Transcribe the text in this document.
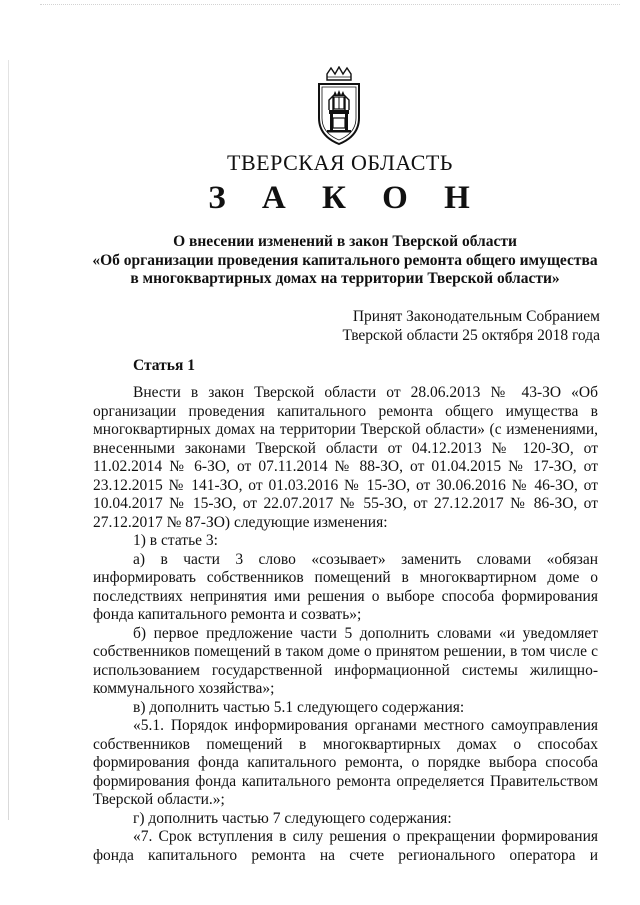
ТВЕРСКАЯ ОБЛАСТЬ
З А К О Н
О внесении изменений в закон Тверской области
«Об организации проведения капитального ремонта общего имущества
в многоквартирных домах на территории Тверской области»
Принят Законодательным Собранием
Тверской области 25 октября 2018 года
Статья 1

Внести в закон Тверской области от 28.06.2013 № 43-ЗО «Об организации проведения капитального ремонта общего имущества в многоквартирных домах на территории Тверской области» (с изменениями, внесенными законами Тверской области от 04.12.2013 № 120-ЗО, от 11.02.2014 № 6-ЗО, от 07.11.2014 № 88-ЗО, от 01.04.2015 № 17-ЗО, от 23.12.2015 № 141-ЗО, от 01.03.2016 № 15-ЗО, от 30.06.2016 № 46-ЗО, от 10.04.2017 № 15-ЗО, от 22.07.2017 № 55-ЗО, от 27.12.2017 № 86-ЗО, от 27.12.2017 № 87-ЗО) следующие изменения:

1) в статье 3:

а) в части 3 слово «созывает» заменить словами «обязан информировать собственников помещений в многоквартирном доме о последствиях непринятия ими решения о выборе способа формирования фонда капитального ремонта и созвать»;

б) первое предложение части 5 дополнить словами «и уведомляет собственников помещений в таком доме о принятом решении, в том числе с использованием государственной информационной системы жилищно-коммунального хозяйства»;

в) дополнить частью 5.1 следующего содержания:

«5.1. Порядок информирования органами местного самоуправления собственников помещений в многоквартирных домах о способах формирования фонда капитального ремонта, о порядке выбора способа формирования фонда капитального ремонта определяется Правительством Тверской области.»;

г) дополнить частью 7 следующего содержания:

«7. Срок вступления в силу решения о прекращении формирования фонда капитального ремонта на счете регионального оператора и
